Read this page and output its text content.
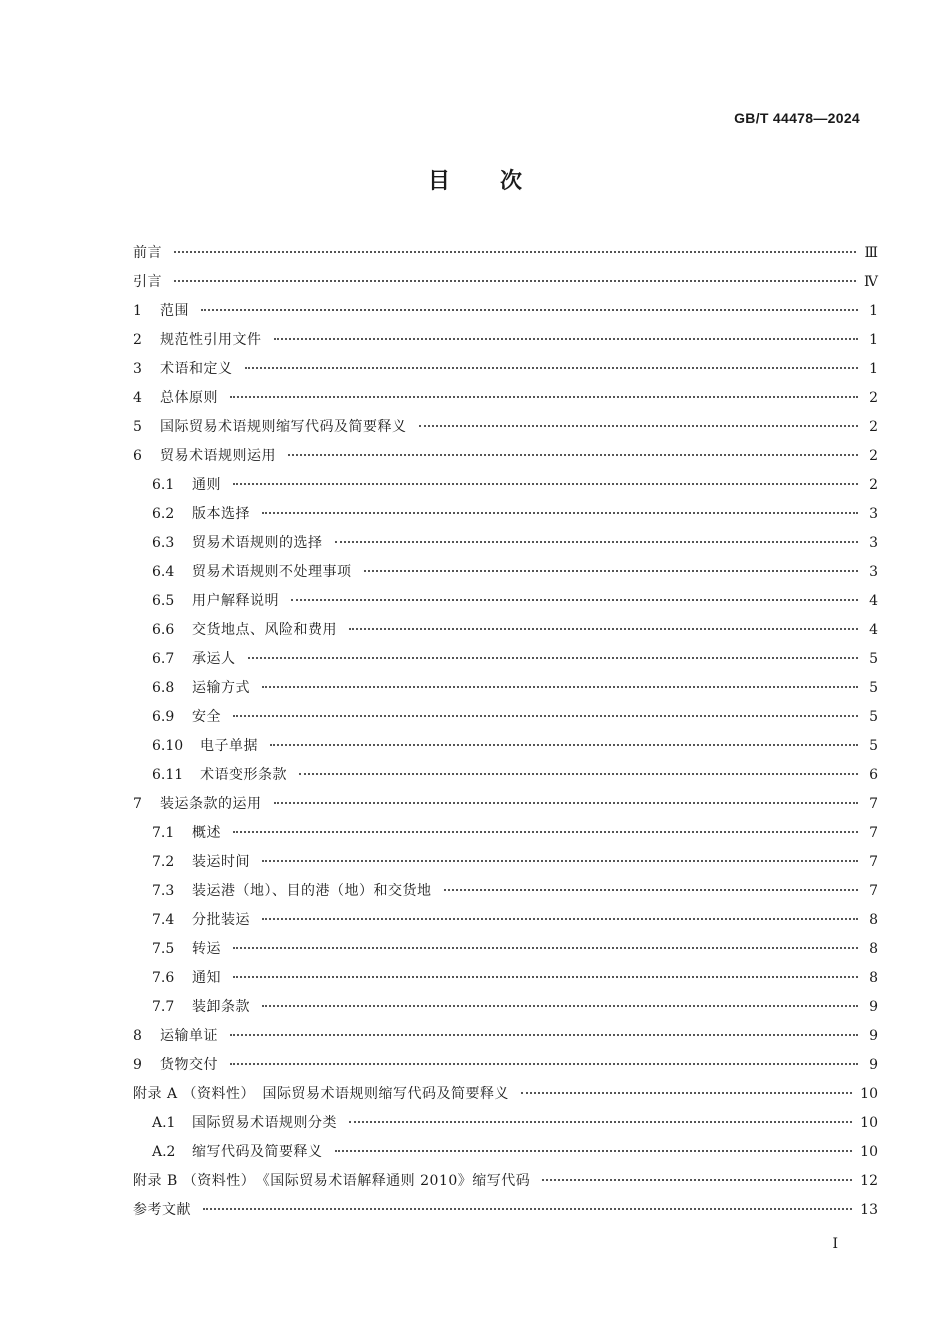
GB/T 44478—2024
目次
前言	Ⅲ
引言	Ⅳ
1	范围	1
2	规范性引用文件	1
3	术语和定义	1
4	总体原则	2
5	国际贸易术语规则缩写代码及简要释义	2
6	贸易术语规则运用	2
6.1	通则	2
6.2	版本选择	3
6.3	贸易术语规则的选择	3
6.4	贸易术语规则不处理事项	3
6.5	用户解释说明	4
6.6	交货地点、风险和费用	4
6.7	承运人	5
6.8	运输方式	5
6.9	安全	5
6.10	电子单据	5
6.11	术语变形条款	6
7	装运条款的运用	7
7.1	概述	7
7.2	装运时间	7
7.3	装运港（地）、目的港（地）和交货地	7
7.4	分批装运	8
7.5	转运	8
7.6	通知	8
7.7	装卸条款	9
8	运输单证	9
9	货物交付	9
附录 A （资料性）　国际贸易术语规则缩写代码及简要释义	10
A.1	国际贸易术语规则分类	10
A.2	缩写代码及简要释义	10
附录 B （资料性）　《国际贸易术语解释通则 2010》缩写代码	12
参考文献	13
Ⅰ
